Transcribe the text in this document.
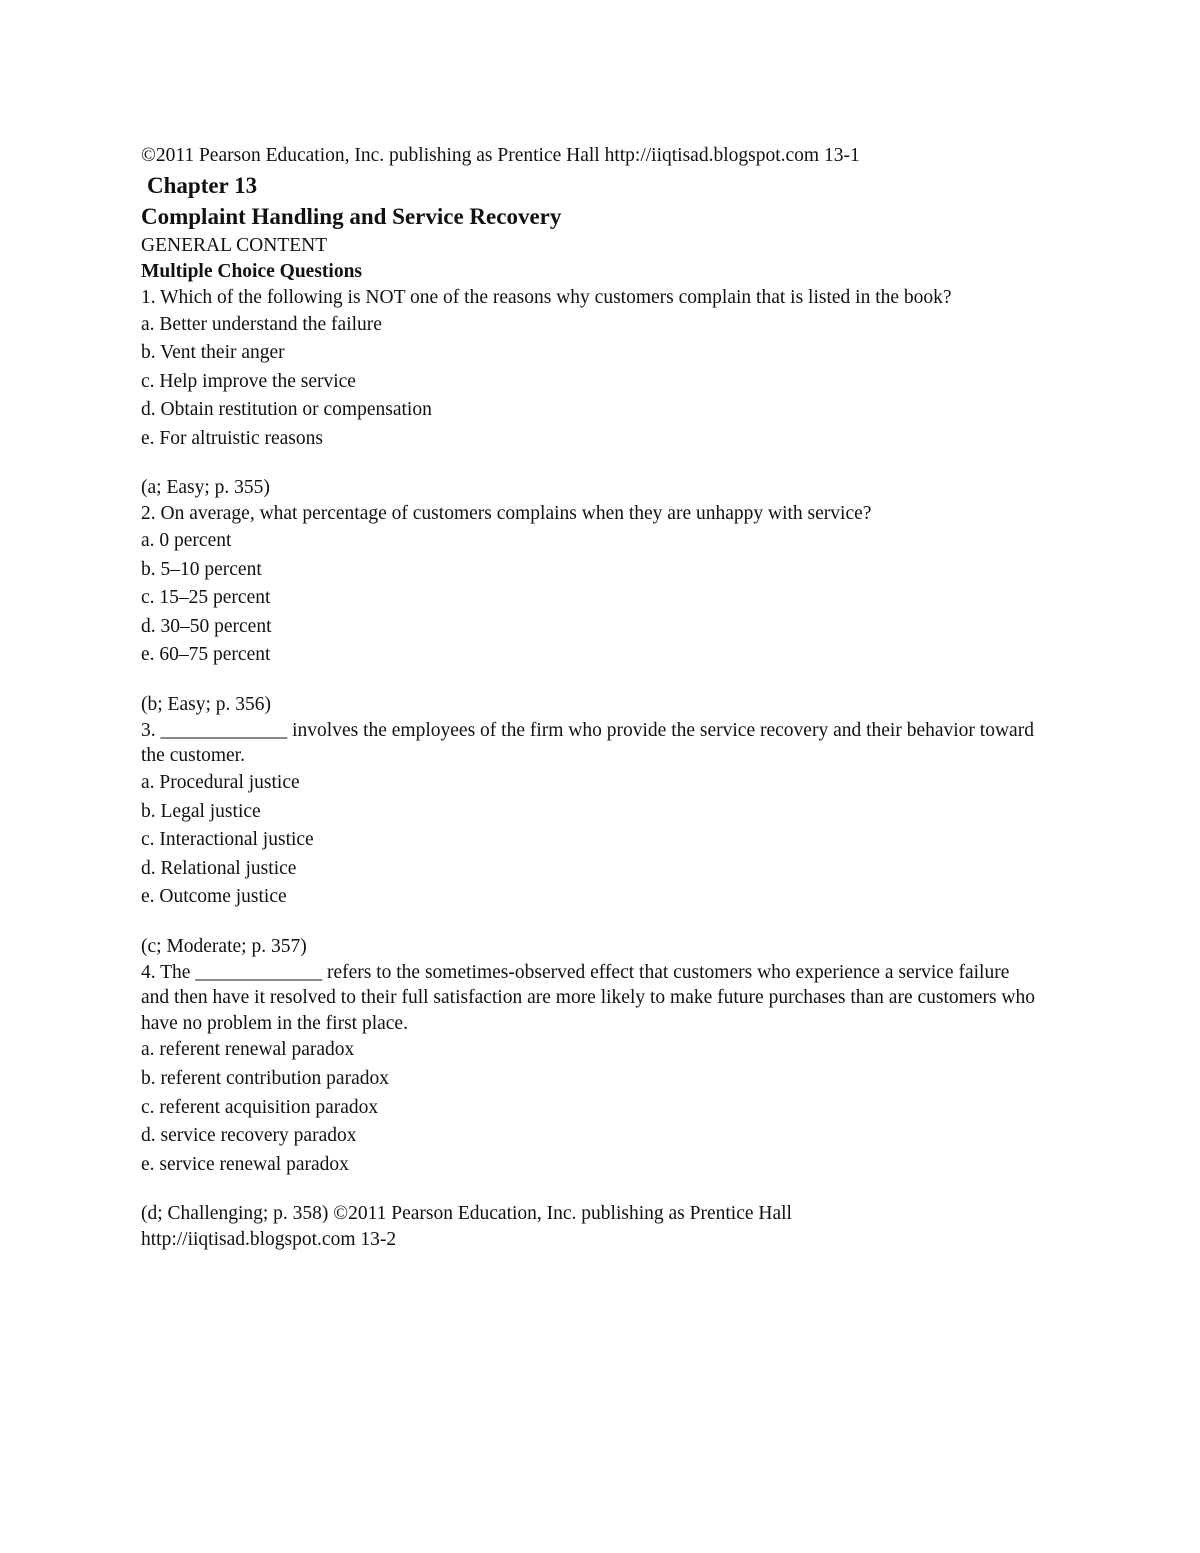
©2011 Pearson Education, Inc. publishing as Prentice Hall http://iiqtisad.blogspot.com 13-1
Chapter 13
Complaint Handling and Service Recovery
GENERAL CONTENT
Multiple Choice Questions
1. Which of the following is NOT one of the reasons why customers complain that is listed in the book?
a. Better understand the failure
b. Vent their anger
c. Help improve the service
d. Obtain restitution or compensation
e. For altruistic reasons
(a; Easy; p. 355)
2. On average, what percentage of customers complains when they are unhappy with service?
a. 0 percent
b. 5–10 percent
c. 15–25 percent
d. 30–50 percent
e. 60–75 percent
(b; Easy; p. 356)
3. _____________ involves the employees of the firm who provide the service recovery and their behavior toward the customer.
a. Procedural justice
b. Legal justice
c. Interactional justice
d. Relational justice
e. Outcome justice
(c; Moderate; p. 357)
4. The _____________ refers to the sometimes-observed effect that customers who experience a service failure and then have it resolved to their full satisfaction are more likely to make future purchases than are customers who have no problem in the first place.
a. referent renewal paradox
b. referent contribution paradox
c. referent acquisition paradox
d. service recovery paradox
e. service renewal paradox
(d; Challenging; p. 358) ©2011 Pearson Education, Inc. publishing as Prentice Hall
http://iiqtisad.blogspot.com 13-2
